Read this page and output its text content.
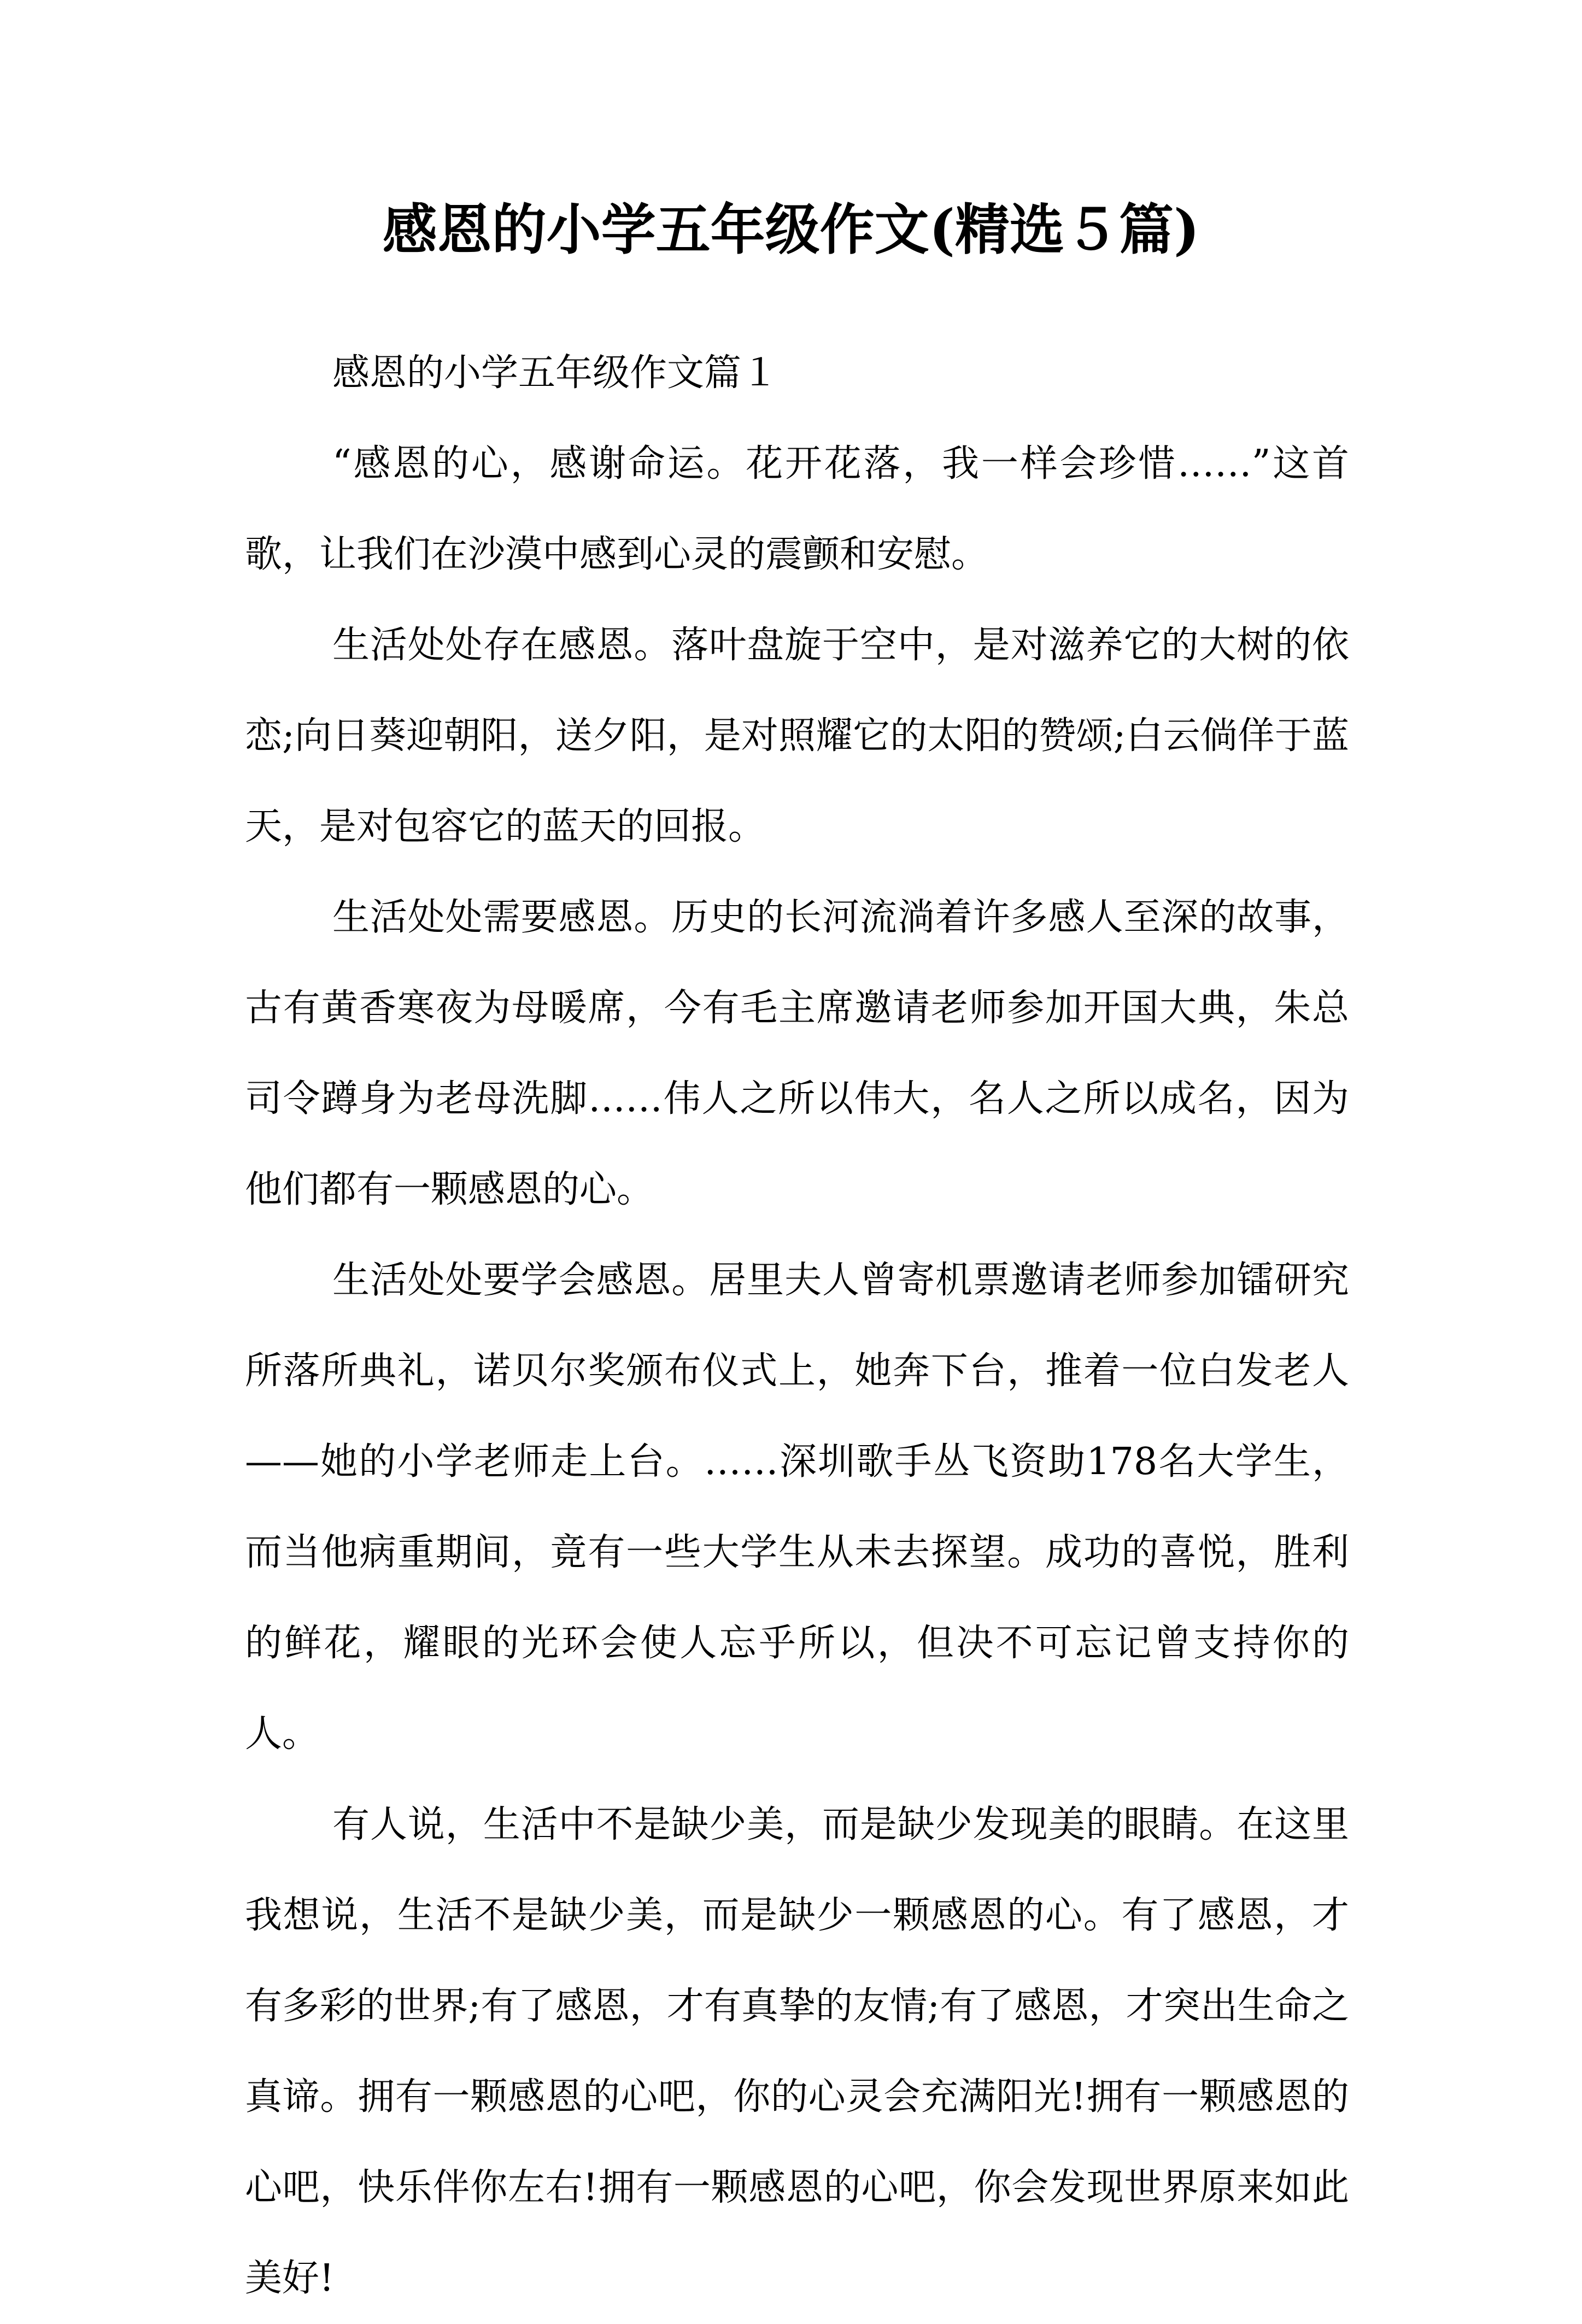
感恩的小学五年级作文(精选５篇)

感恩的小学五年级作文篇１

“感恩的心，感谢命运。花开花落，我一样会珍惜……”这首歌，让我们在沙漠中感到心灵的震颤和安慰。

生活处处存在感恩。落叶盘旋于空中，是对滋养它的大树的依恋;向日葵迎朝阳，送夕阳，是对照耀它的太阳的赞颂;白云倘佯于蓝天，是对包容它的蓝天的回报。

生活处处需要感恩。历史的长河流淌着许多感人至深的故事，古有黄香寒夜为母暖席，今有毛主席邀请老师参加开国大典，朱总司令蹲身为老母洗脚……伟人之所以伟大，名人之所以成名，因为他们都有一颗感恩的心。

生活处处要学会感恩。居里夫人曾寄机票邀请老师参加镭研究所落所典礼，诺贝尔奖颁布仪式上，她奔下台，推着一位白发老人——她的小学老师走上台。……深圳歌手丛飞资助178名大学生，而当他病重期间，竟有一些大学生从未去探望。成功的喜悦，胜利的鲜花，耀眼的光环会使人忘乎所以，但决不可忘记曾支持你的人。

有人说，生活中不是缺少美，而是缺少发现美的眼睛。在这里我想说，生活不是缺少美，而是缺少一颗感恩的心。有了感恩，才有多彩的世界;有了感恩，才有真挚的友情;有了感恩，才突出生命之真谛。拥有一颗感恩的心吧，你的心灵会充满阳光!拥有一颗感恩的心吧，快乐伴你左右!拥有一颗感恩的心吧，你会发现世界原来如此美好!
